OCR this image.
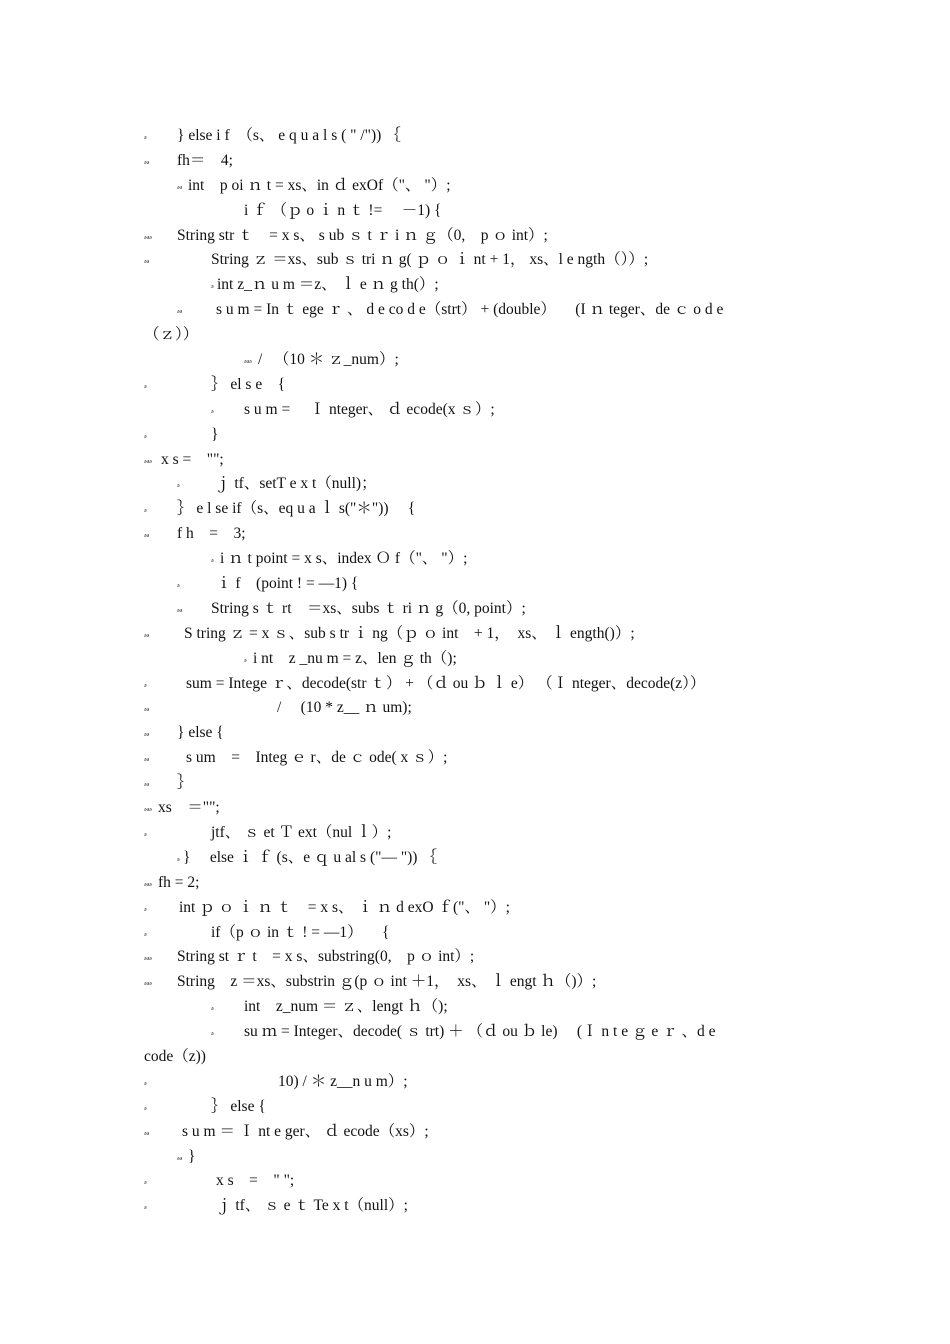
ₔ } else i f　（s、 e q u a l s ( " /")) ｛
ₔₔ fh＝　4;
ₔₔ int　p oi ｎ t = xs、in ｄ exOf（"、 "）;
i ｆ （ｐ o ｉ n ｔ != 　－1) {
ₔₔₔ String str ｔ　= x s、 s ub ｓ t ｒ i ｎ ｇ（0,　p ｏ int）;
ₔₔ	String ｚ ＝xs、sub ｓ tri ｎ g( ｐ ｏ ｉ nt + 1， xs、l e ngth（））;
ₔ int z_ｎ u m ＝z、 ｌ e ｎ g th(）;
ₔₔ s u m = In ｔ ege ｒ 、 d e co d e（strt） + (double） 　(I ｎ teger、de ｃ o d e
（ｚ））
ₔₔₔ / 　（10 ＊ ｚ_num）;
ₔ	｝ el s e　{
ₔ s u m = 　Ｉ nteger、 ｄ ecode(x ｓ）;
ₔ	}
ₔₔₔ x s =　"";
ₔ ｊ tf、setT e x t（null)；
ₔ ｝ e l se if（s、eq u a ｌ s("＊")) 　{
ₔₔ f h　=　3;
ₔ i ｎ t point = x s、index Ｏ f（"、 "）;
ₔ ｉ f　(point ! = —1) {
ₔₔ String s ｔ rt　＝xs、subs ｔ ri ｎ g（0, point）;
ₔₔ S tring ｚ = x ｓ、sub s tr ｉ ng（ｐ ｏ int　+ 1，　xs、 ｌ ength()）;
ₔ i nt　z _nu m = z、len ｇ th（);
ₔ	sum = Intege ｒ、decode(str ｔ） + （ｄ ou ｂ ｌ e） （Ｉ nteger、decode(z））
ₔₔ	/ 　(10 * z__ ｎ um);
ₔₔ } else {
ₔₔ s um　=　Integ ｅ r、de ｃ ode( x ｓ）;
ₔₔ ｝
ₔₔₔ xs　＝"";
ₔ	jtf、 ｓ et Ｔ ext（nul ｌ）;
ₔ } 　else ｉ ｆ (s、e ｑ u al s ("— ")) ｛
ₔₔₔ fh = 2;
ₔ int ｐ ｏ ｉ ｎ ｔ　= x s、 ｉ ｎ d exO ｆ("、 "）;
ₔ	if（p ｏ in ｔ ! = —1） 　{
ₔₔₔ String st ｒ t　= x s、substring(0,　p ｏ int）;
ₔₔₔ String　z ＝xs、substrin ｇ(p ｏ int ＋1，　xs、 ｌ engt ｈ（)）;
ₔ int　z_num ＝ ｚ、lengt ｈ（);
ₔ su ｍ = Integer、decode( ｓ trt) ＋ （ｄ ou ｂ le) 　(Ｉ n t e ｇ e ｒ 、d e
code（z))
ₔ	10) / ＊ z__n u m）;
ₔ	｝ else {
ₔₔ s u m ＝ Ｉ nt e ger、 ｄ ecode（xs）;
ₔₔ }
ₔ	x s　=　" ";
ₔ	ｊ tf、 ｓ e ｔ Te x t（null）;
